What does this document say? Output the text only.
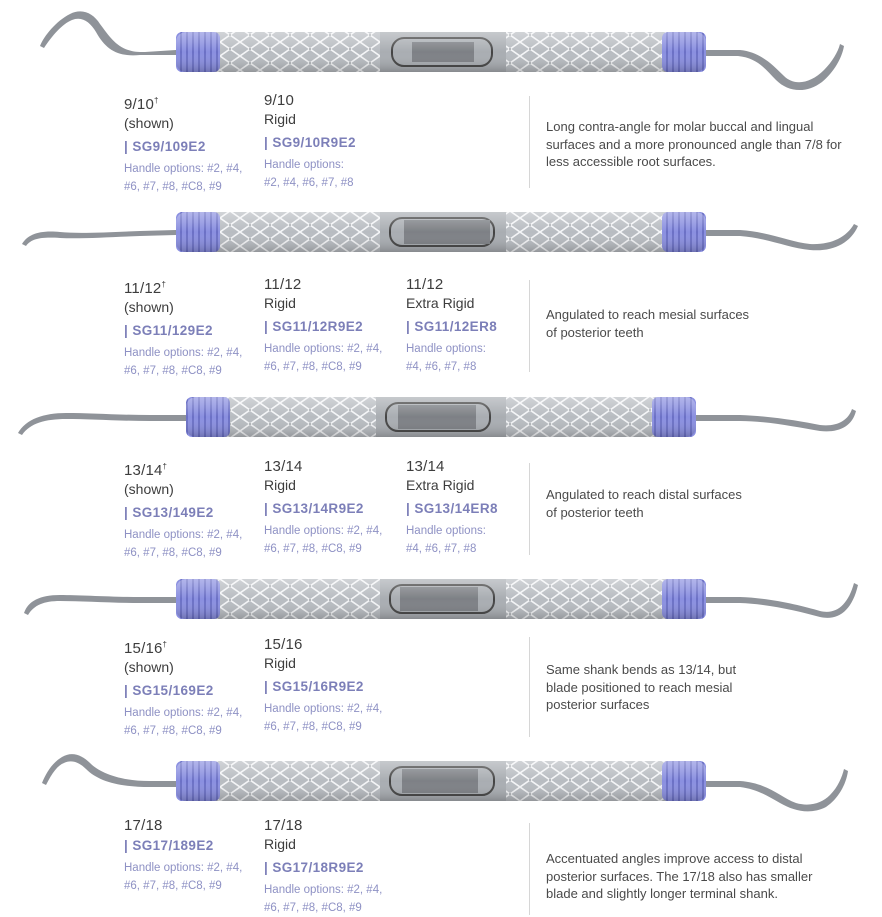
9/10†
(shown)
| SG9/109E2
Handle options: #2, #4,
#6, #7, #8, #C8, #9
9/10
Rigid
| SG9/10R9E2
Handle options:
#2, #4, #6, #7, #8
Long contra-angle for molar buccal and lingual surfaces and a more pronounced angle than 7/8 for less accessible root surfaces.
11/12†
(shown)
| SG11/129E2
Handle options: #2, #4,
#6, #7, #8, #C8, #9
11/12
Rigid
| SG11/12R9E2
Handle options: #2, #4,
#6, #7, #8, #C8, #9
11/12
Extra Rigid
| SG11/12ER8
Handle options:
#4, #6, #7, #8
Angulated to reach mesial surfaces of posterior teeth
13/14†
(shown)
| SG13/149E2
Handle options: #2, #4,
#6, #7, #8, #C8, #9
13/14
Rigid
| SG13/14R9E2
Handle options: #2, #4,
#6, #7, #8, #C8, #9
13/14
Extra Rigid
| SG13/14ER8
Handle options:
#4, #6, #7, #8
Angulated to reach distal surfaces of posterior teeth
15/16†
(shown)
| SG15/169E2
Handle options: #2, #4,
#6, #7, #8, #C8, #9
15/16
Rigid
| SG15/16R9E2
Handle options: #2, #4,
#6, #7, #8, #C8, #9
Same shank bends as 13/14, but blade positioned to reach mesial posterior surfaces
17/18
| SG17/189E2
Handle options: #2, #4,
#6, #7, #8, #C8, #9
17/18
Rigid
| SG17/18R9E2
Handle options: #2, #4,
#6, #7, #8, #C8, #9
Accentuated angles improve access to distal posterior surfaces. The 17/18 also has smaller blade and slightly longer terminal shank.
